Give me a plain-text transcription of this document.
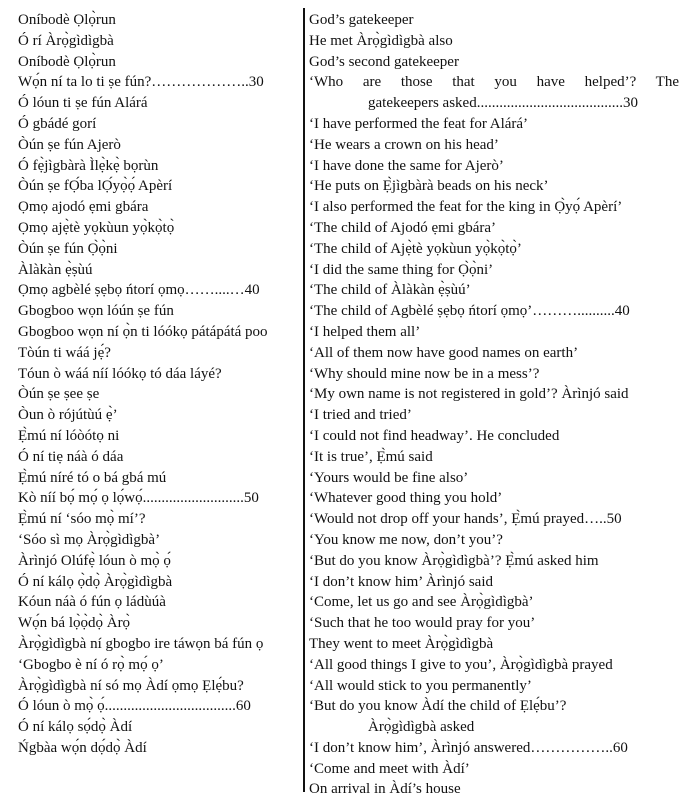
Oníbodè Ọlọ̀run
Ó rí Àrọ̀gìdìgbà
Oníbodè Ọlọ̀run
Wọ́n ní ta lo ti ṣe fún?………………..30
Ó lóun ti ṣe fún Alárá
Ó gbádé gorí
Òún ṣe fún Ajerò
Ó fẹ̀jìgbàrà Ìlẹ̀kẹ̀ bọrùn
Òún ṣe fỌ́ba lỌ́yọ̀ọ́ Apèrí
Ọmọ ajodó ẹmi gbára
Ọmọ ajẹ̀tè yọkùun yọ̀kọ̀tọ̀
Òún ṣe fún Ọ̀ọ̀ni
Àlàkàn ẹ̀ṣùú
Ọmọ agbèlé ṣẹbọ ńtorí ọmọ……....…40
Gbogboo wọn lóún ṣe fún
Gbogboo wọn ní ọ̀n ti lóókọ pátápátá poo
Tòún ti wáá jẹ́?
Tóun ò wáá níí lóókọ tó dáa láyé?
Òún ṣe ṣee ṣe
Òun ò rójútùú ẹ̀’
Ẹ̀mú ní lóòótọ ni
Ó ní tiẹ náà ó dáa
Ẹ̀mú níré tó o bá gbá mú
Kò níí bọ́ mọ́ ọ lọ́wọ́...........................50
Ẹ̀mú ní ‘sóo mọ̀ mí’?
‘Sóo sì mọ Àrọ̀gìdìgbà’
Àrìnjó Olúfẹ̀ lóun ò mọ̀ ọ́
Ó ní kálọ ọ̀dọ̀ Àrọ̀gìdìgbà
Kóun náà ó fún ọ ládùúà
Wọ́n bá lọ̀ọ̀dọ̀ Àrọ̀
Àrọ̀gìdìgbà ní gbogbo ire táwọn bá fún ọ
‘Gbogbo è ní ó rọ̀ mọ́ ọ’
Àrọ̀gìdìgbà ní só mọ Àdí ọmọ Ẹlẹ́bu?
Ó lóun ò mọ̀ ọ́...................................60
Ó ní kálọ sọ́dọ̀ Àdí
Ńgbàa wọ́n dọ́dọ̀ Àdí
God’s gatekeeper
He met Àrọ̀gìdìgbà also
God’s second gatekeeper
‘Who are those that you have helped’? The
gatekeepers asked.......................................30
‘I have performed the feat for Alárá’
‘He wears a crown on his head’
‘I have done the same for Ajerò’
‘He puts on Ẹ̀jìgbàrà beads on his neck’
‘I also performed the feat for the king in Ọ̀yọ́ Apèrí’
‘The child of Ajodó ẹmi gbára’
‘The child of Ajẹ̀tè yọkùun yọ̀kọ̀tọ̀’
‘I did the same thing for Ọ̀ọ̀ni’
‘The child of Àlàkàn ẹ̀ṣùú’
‘The child of Agbèlé ṣẹbọ ńtorí ọmọ’………..........40
‘I helped them all’
‘All of them now have good names on earth’
‘Why should mine now be in a mess’?
‘My own name is not registered in gold’? Àrìnjó said
‘I tried and tried’
‘I could not find headway’. He concluded
‘It is true’, Ẹ̀mú said
‘Yours would be fine also’
‘Whatever good thing you hold’
‘Would not drop off your hands’, Ẹ̀mú prayed…..50
‘You know me now, don’t you’?
‘But do you know Àrọ̀gìdìgbà’? Ẹ̀mú asked him
‘I don’t know him’ Àrìnjó said
‘Come, let us go and see Àrọ̀gìdìgbà’
‘Such that he too would pray for you’
They went to meet Àrọ̀gìdìgbà
‘All good things I give to you’, Àrọ̀gìdìgbà prayed
‘All would stick to you permanently’
‘But do you know Àdí the child of Ẹlẹ́bu’?
Àrọ̀gìdìgbà asked
‘I don’t know him’, Àrìnjó answered……………..60
‘Come and meet with Àdí’
On arrival in Àdí’s house
